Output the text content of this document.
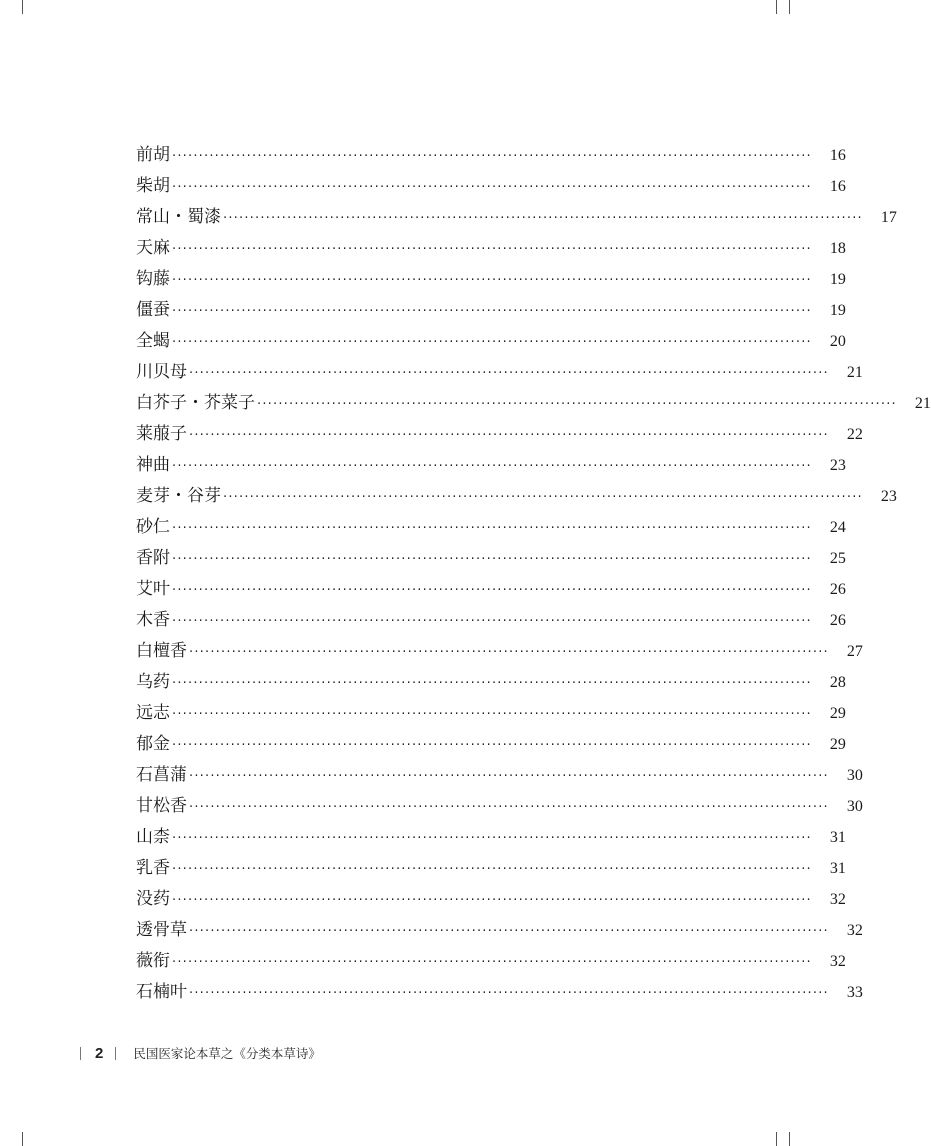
前胡 ························································································································	16
柴胡 ························································································································	16
常山・蜀漆 ························································································································	17
天麻 ························································································································	18
钩藤 ························································································································	19
僵蚕 ························································································································	19
全蝎 ························································································································	20
川贝母 ························································································································	21
白芥子・芥菜子 ························································································································	21
莱菔子 ························································································································	22
神曲 ························································································································	23
麦芽・谷芽 ························································································································	23
砂仁 ························································································································	24
香附 ························································································································	25
艾叶 ························································································································	26
木香 ························································································································	26
白檀香 ························································································································	27
乌药 ························································································································	28
远志 ························································································································	29
郁金 ························································································································	29
石菖蒲 ························································································································	30
甘松香 ························································································································	30
山柰 ························································································································	31
乳香 ························································································································	31
没药 ························································································································	32
透骨草 ························································································································	32
薇衔 ························································································································	32
石楠叶 ························································································································	33
2 民国医家论本草之《分类本草诗》
